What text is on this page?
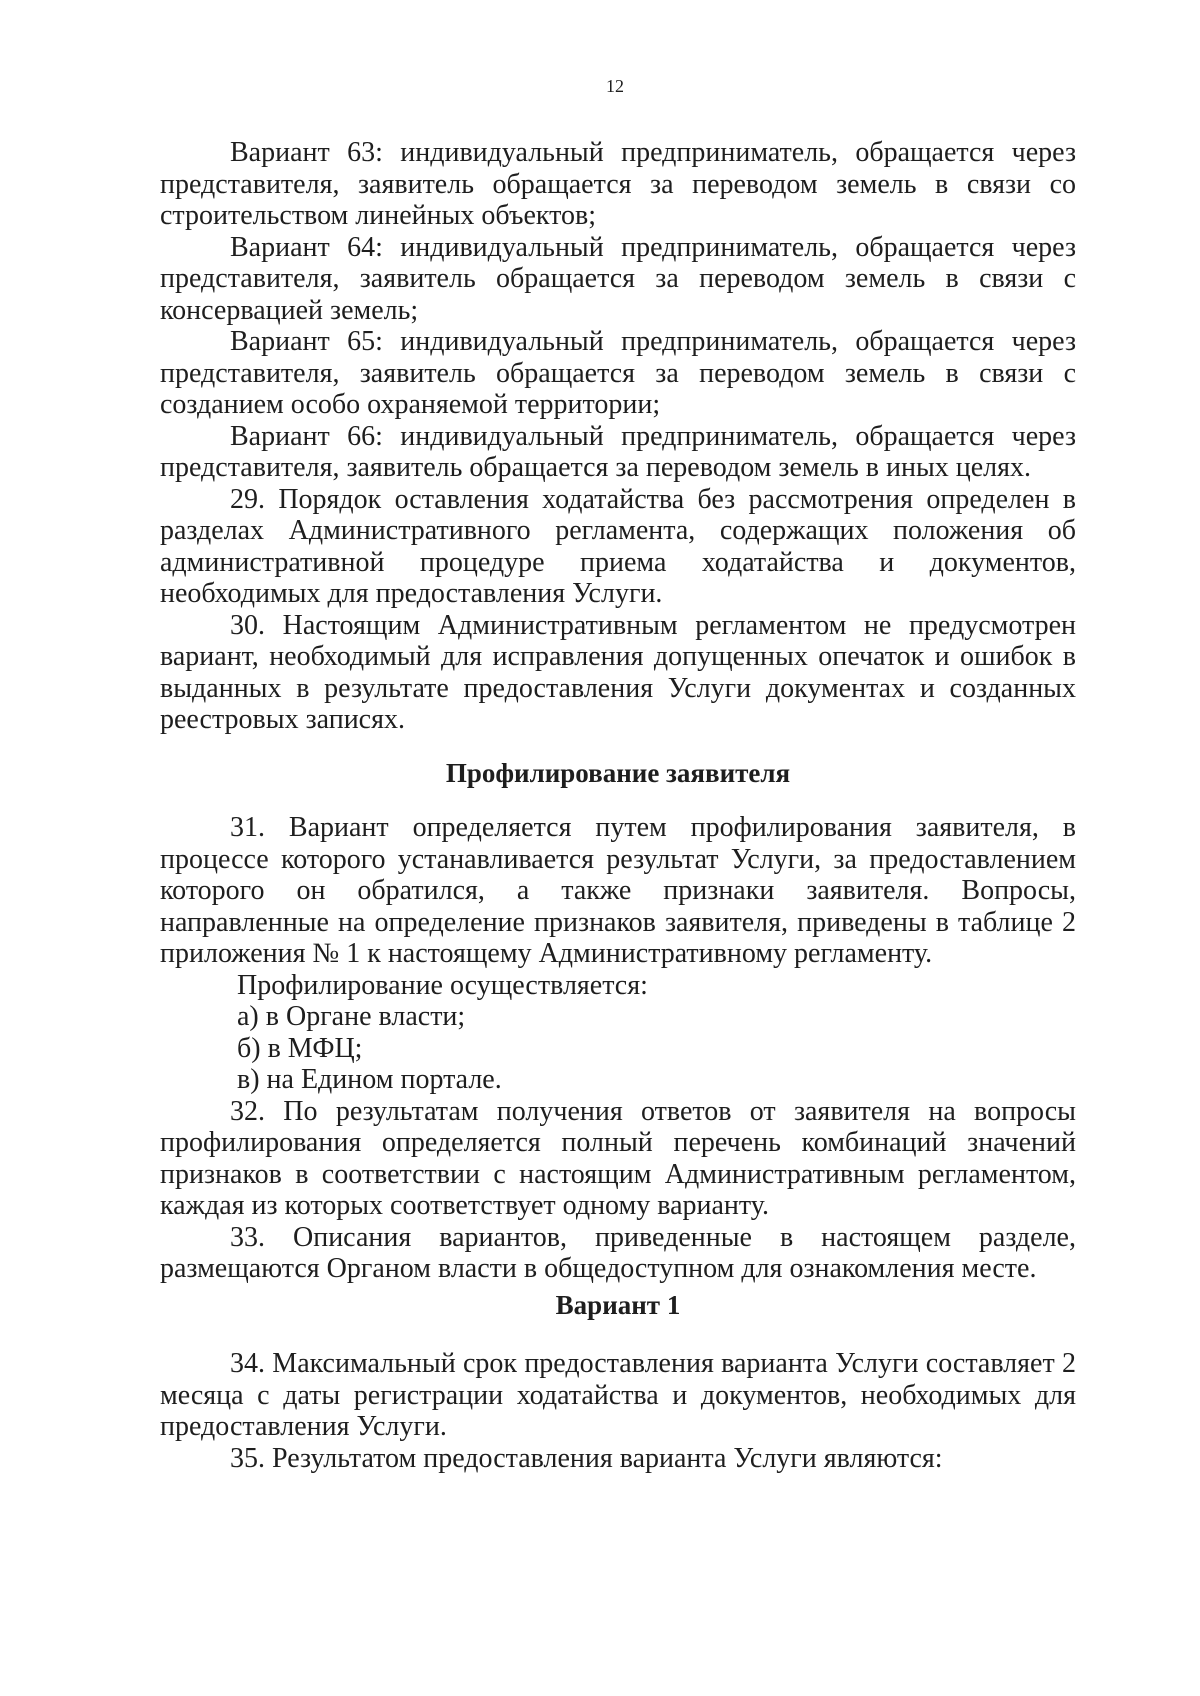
12

Вариант 63: индивидуальный предприниматель, обращается через представителя, заявитель обращается за переводом земель в связи со строительством линейных объектов;

Вариант 64: индивидуальный предприниматель, обращается через представителя, заявитель обращается за переводом земель в связи с консервацией земель;

Вариант 65: индивидуальный предприниматель, обращается через представителя, заявитель обращается за переводом земель в связи с созданием особо охраняемой территории;

Вариант 66: индивидуальный предприниматель, обращается через представителя, заявитель обращается за переводом земель в иных целях.

29. Порядок оставления ходатайства без рассмотрения определен в разделах Административного регламента, содержащих положения об административной процедуре приема ходатайства и документов, необходимых для предоставления Услуги.

30. Настоящим Административным регламентом не предусмотрен вариант, необходимый для исправления допущенных опечаток и ошибок в выданных в результате предоставления Услуги документах и созданных реестровых записях.

Профилирование заявителя

31. Вариант определяется путем профилирования заявителя, в процессе которого устанавливается результат Услуги, за предоставлением которого он обратился, а также признаки заявителя. Вопросы, направленные на определение признаков заявителя, приведены в таблице 2 приложения № 1 к настоящему Административному регламенту.

Профилирование осуществляется:

а) в Органе власти;

б) в МФЦ;

в) на Едином портале.

32. По результатам получения ответов от заявителя на вопросы профилирования определяется полный перечень комбинаций значений признаков в соответствии с настоящим Административным регламентом, каждая из которых соответствует одному варианту.

33. Описания вариантов, приведенные в настоящем разделе, размещаются Органом власти в общедоступном для ознакомления месте.

Вариант 1

34. Максимальный срок предоставления варианта Услуги составляет 2 месяца с даты регистрации ходатайства и документов, необходимых для предоставления Услуги.

35. Результатом предоставления варианта Услуги являются:
